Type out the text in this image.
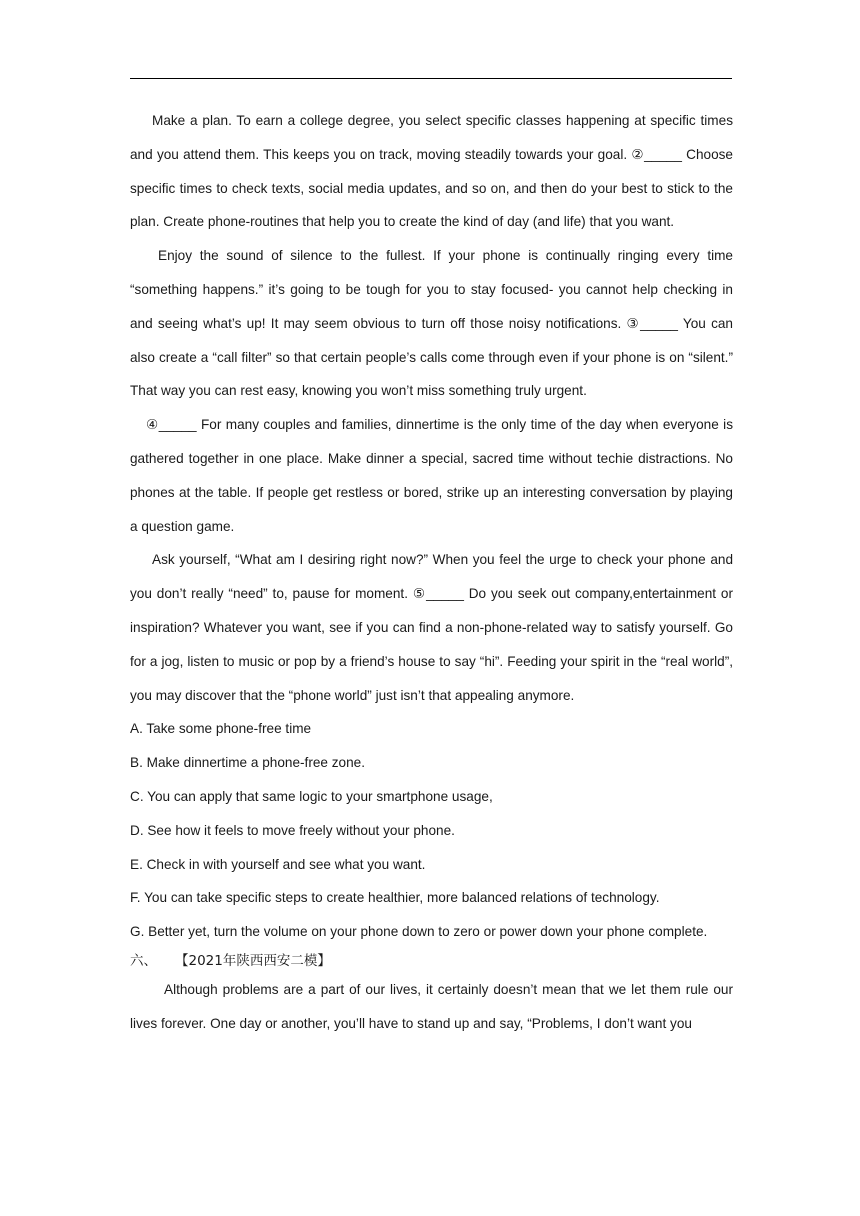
Make a plan. To earn a college degree, you select specific classes happening at specific times and you attend them. This keeps you on track, moving steadily towards your goal. ②_____ Choose specific times to check texts, social media updates, and so on, and then do your best to stick to the plan. Create phone-routines that help you to create the kind of day (and life) that you want.

Enjoy the sound of silence to the fullest. If your phone is continually ringing every time “something happens.” it’s going to be tough for you to stay focused- you cannot help checking in and seeing what’s up! It may seem obvious to turn off those noisy notifications. ③_____ You can also create a “call filter” so that certain people’s calls come through even if your phone is on “silent.” That way you can rest easy, knowing you won’t miss something truly urgent.

④_____ For many couples and families, dinnertime is the only time of the day when everyone is gathered together in one place. Make dinner a special, sacred time without techie distractions. No phones at the table. If people get restless or bored, strike up an interesting conversation by playing a question game.

Ask yourself, “What am I desiring right now?” When you feel the urge to check your phone and you don’t really “need” to, pause for moment. ⑤_____ Do you seek out company,entertainment or inspiration? Whatever you want, see if you can find a non-phone-related way to satisfy yourself. Go for a jog, listen to music or pop by a friend’s house to say “hi”. Feeding your spirit in the “real world”, you may discover that the “phone world” just isn’t that appealing anymore.

A. Take some phone-free time

B. Make dinnertime a phone-free zone.

C. You can apply that same logic to your smartphone usage,

D. See how it feels to move freely without your phone.

E. Check in with yourself and see what you want.

F. You can take specific steps to create healthier, more balanced relations of technology.

G. Better yet, turn the volume on your phone down to zero or power down your phone complete.

六、 【2021年陕西西安二模】

Although problems are a part of our lives, it certainly doesn’t mean that we let them rule our lives forever. One day or another, you’ll have to stand up and say, “Problems, I don’t want you
